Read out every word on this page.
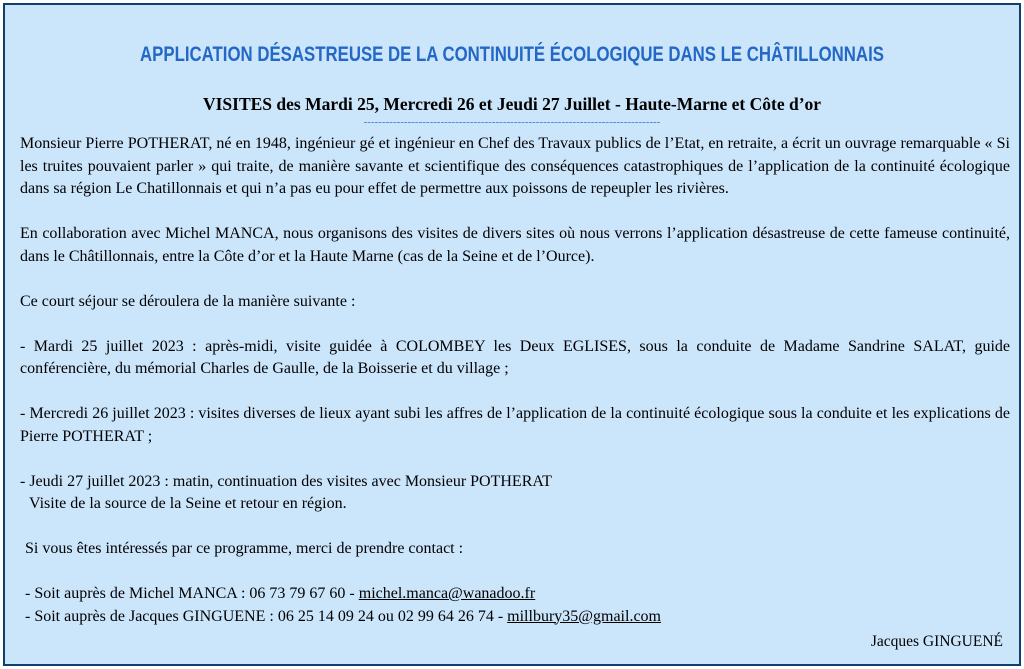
APPLICATION DÉSASTREUSE DE LA CONTINUITÉ ÉCOLOGIQUE DANS LE CHÂTILLONNAIS
VISITES des Mardi 25, Mercredi 26 et Jeudi 27 Juillet - Haute-Marne et Côte d’or
---------------------------------------------------------------------------------

Monsieur Pierre POTHERAT, né en 1948, ingénieur gé et ingénieur en Chef des Travaux publics de l’Etat, en retraite, a écrit un ouvrage remarquable « Si les truites pouvaient parler » qui traite, de manière savante et scientifique des conséquences catastrophiques de l’application de la continuité écologique dans sa région Le Chatillonnais et qui n’a pas eu pour effet de permettre aux poissons de repeupler les rivières.

En collaboration avec Michel MANCA, nous organisons des visites de divers sites où nous verrons l’application désastreuse de cette fameuse continuité, dans le Châtillonnais, entre la Côte d’or et la Haute Marne (cas de la Seine et de l’Ource).

Ce court séjour se déroulera de la manière suivante :

- Mardi 25 juillet 2023 : après-midi, visite guidée à COLOMBEY les Deux EGLISES, sous la conduite de Madame Sandrine SALAT, guide conférencière, du mémorial Charles de Gaulle, de la Boisserie et du village ;

- Mercredi 26 juillet 2023 : visites diverses de lieux ayant subi les affres de l’application de la continuité écologique sous la conduite et les explications de Pierre POTHERAT ;

- Jeudi 27 juillet 2023 : matin, continuation des visites avec Monsieur POTHERAT
Visite de la source de la Seine et retour en région.

Si vous êtes intéressés par ce programme, merci de prendre contact :

- Soit auprès de Michel MANCA : 06 73 79 67 60 - michel.manca@wanadoo.fr

- Soit auprès de Jacques GINGUENE : 06 25 14 09 24 ou 02 99 64 26 74 - millbury35@gmail.com

Jacques GINGUENÉ
